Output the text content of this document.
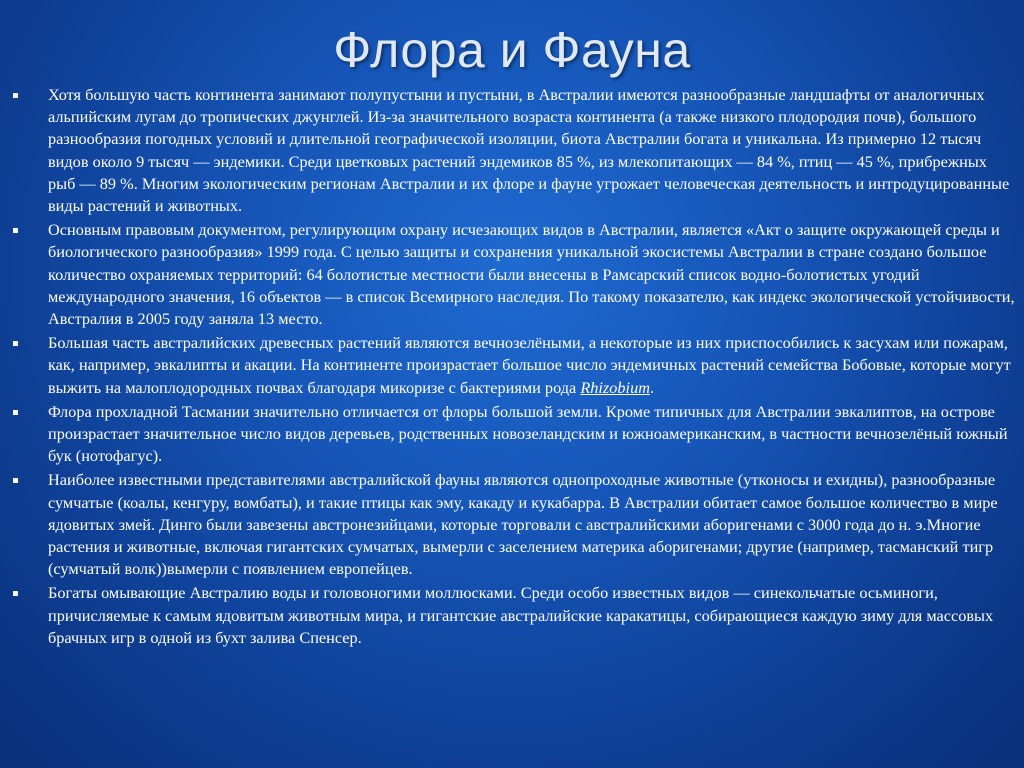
Флора и Фауна
Хотя большую часть континента занимают полупустыни и пустыни, в Австралии имеются разнообразные ландшафты от аналогичных альпийским лугам до тропических джунглей. Из-за значительного возраста континента (а также низкого плодородия почв), большого разнообразия погодных условий и длительной географической изоляции, биота Австралии богата и уникальна. Из примерно 12 тысяч видов около 9 тысяч — эндемики. Среди цветковых растений эндемиков 85 %, из млекопитающих — 84 %, птиц — 45 %, прибрежных рыб — 89 %. Многим экологическим регионам Австралии и их флоре и фауне угрожает человеческая деятельность и интродуцированные виды растений и животных.
Основным правовым документом, регулирующим охрану исчезающих видов в Австралии, является «Акт о защите окружающей среды и биологического разнообразия» 1999 года. С целью защиты и сохранения уникальной экосистемы Австралии в стране создано большое количество охраняемых территорий: 64 болотистые местности были внесены в Рамсарский список водно-болотистых угодий международного значения, 16 объектов — в список Всемирного наследия. По такому показателю, как индекс экологической устойчивости, Австралия в 2005 году заняла 13 место.
Большая часть австралийских древесных растений являются вечнозелёными, а некоторые из них приспособились к засухам или пожарам, как, например, эвкалипты и акации. На континенте произрастает большое число эндемичных растений семейства Бобовые, которые могут выжить на малоплодородных почвах благодаря микоризе с бактериями рода Rhizobium.
Флора прохладной Тасмании значительно отличается от флоры большой земли. Кроме типичных для Австралии эвкалиптов, на острове произрастает значительное число видов деревьев, родственных новозеландским и южноамериканским, в частности вечнозелёный южный бук (нотофагус).
Наиболее известными представителями австралийской фауны являются однопроходные животные (утконосы и ехидны), разнообразные сумчатые (коалы, кенгуру, вомбаты), и такие птицы как эму, какаду и кукабарра. В Австралии обитает самое большое количество в мире ядовитых змей. Динго были завезены австронезийцами, которые торговали с австралийскими аборигенами с 3000 года до н. э.Многие растения и животные, включая гигантских сумчатых, вымерли с заселением материка аборигенами; другие (например, тасманский тигр (сумчатый волк))вымерли с появлением европейцев.
Богаты омывающие Австралию воды и головоногими моллюсками. Среди особо известных видов — синекольчатые осьминоги, причисляемые к самым ядовитым животным мира, и гигантские австралийские каракатицы, собирающиеся каждую зиму для массовых брачных игр в одной из бухт залива Спенсер.
